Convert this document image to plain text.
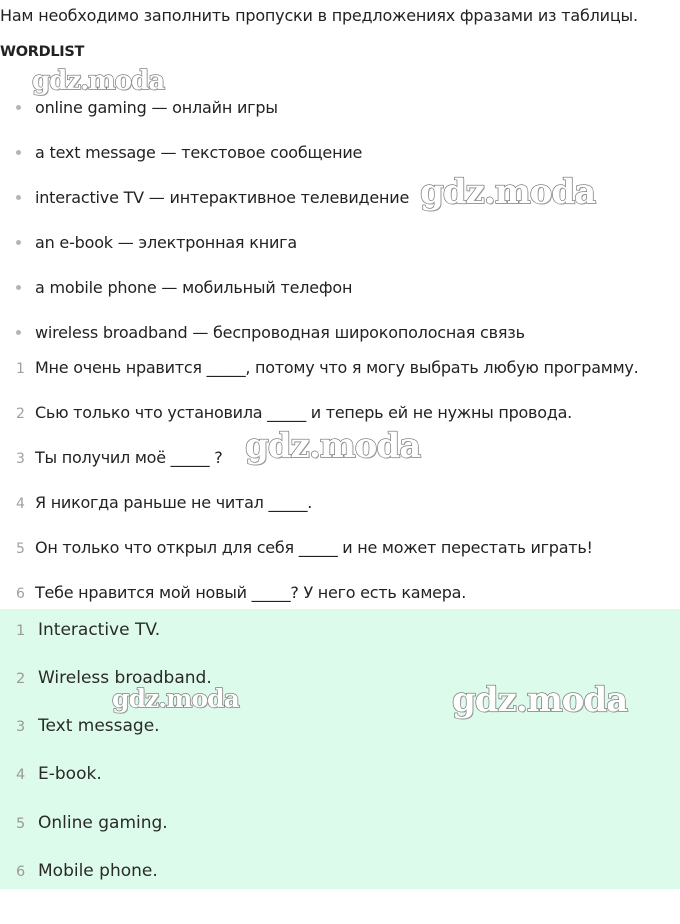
Нам необходимо заполнить пропуски в предложениях фразами из таблицы.
WORDLIST
online gaming — онлайн игры
a text message — текстовое сообщение
interactive TV — интерактивное телевидение
an e-book — электронная книга
a mobile phone — мобильный телефон
wireless broadband — беспроводная широкополосная связь
1 Мне очень нравится _____, потому что я могу выбрать любую программу.
2 Сью только что установила _____ и теперь ей не нужны провода.
3 Ты получил моё _____ ?
4 Я никогда раньше не читал _____.
5 Он только что открыл для себя _____ и не может перестать играть!
6 Тебе нравится мой новый _____? У него есть камера.
1 Interactive TV.
2 Wireless broadband.
3 Text message.
4 E-book.
5 Online gaming.
6 Mobile phone.
gdz.moda
gdz.moda
gdz.moda
gdz.moda	gdz.moda
